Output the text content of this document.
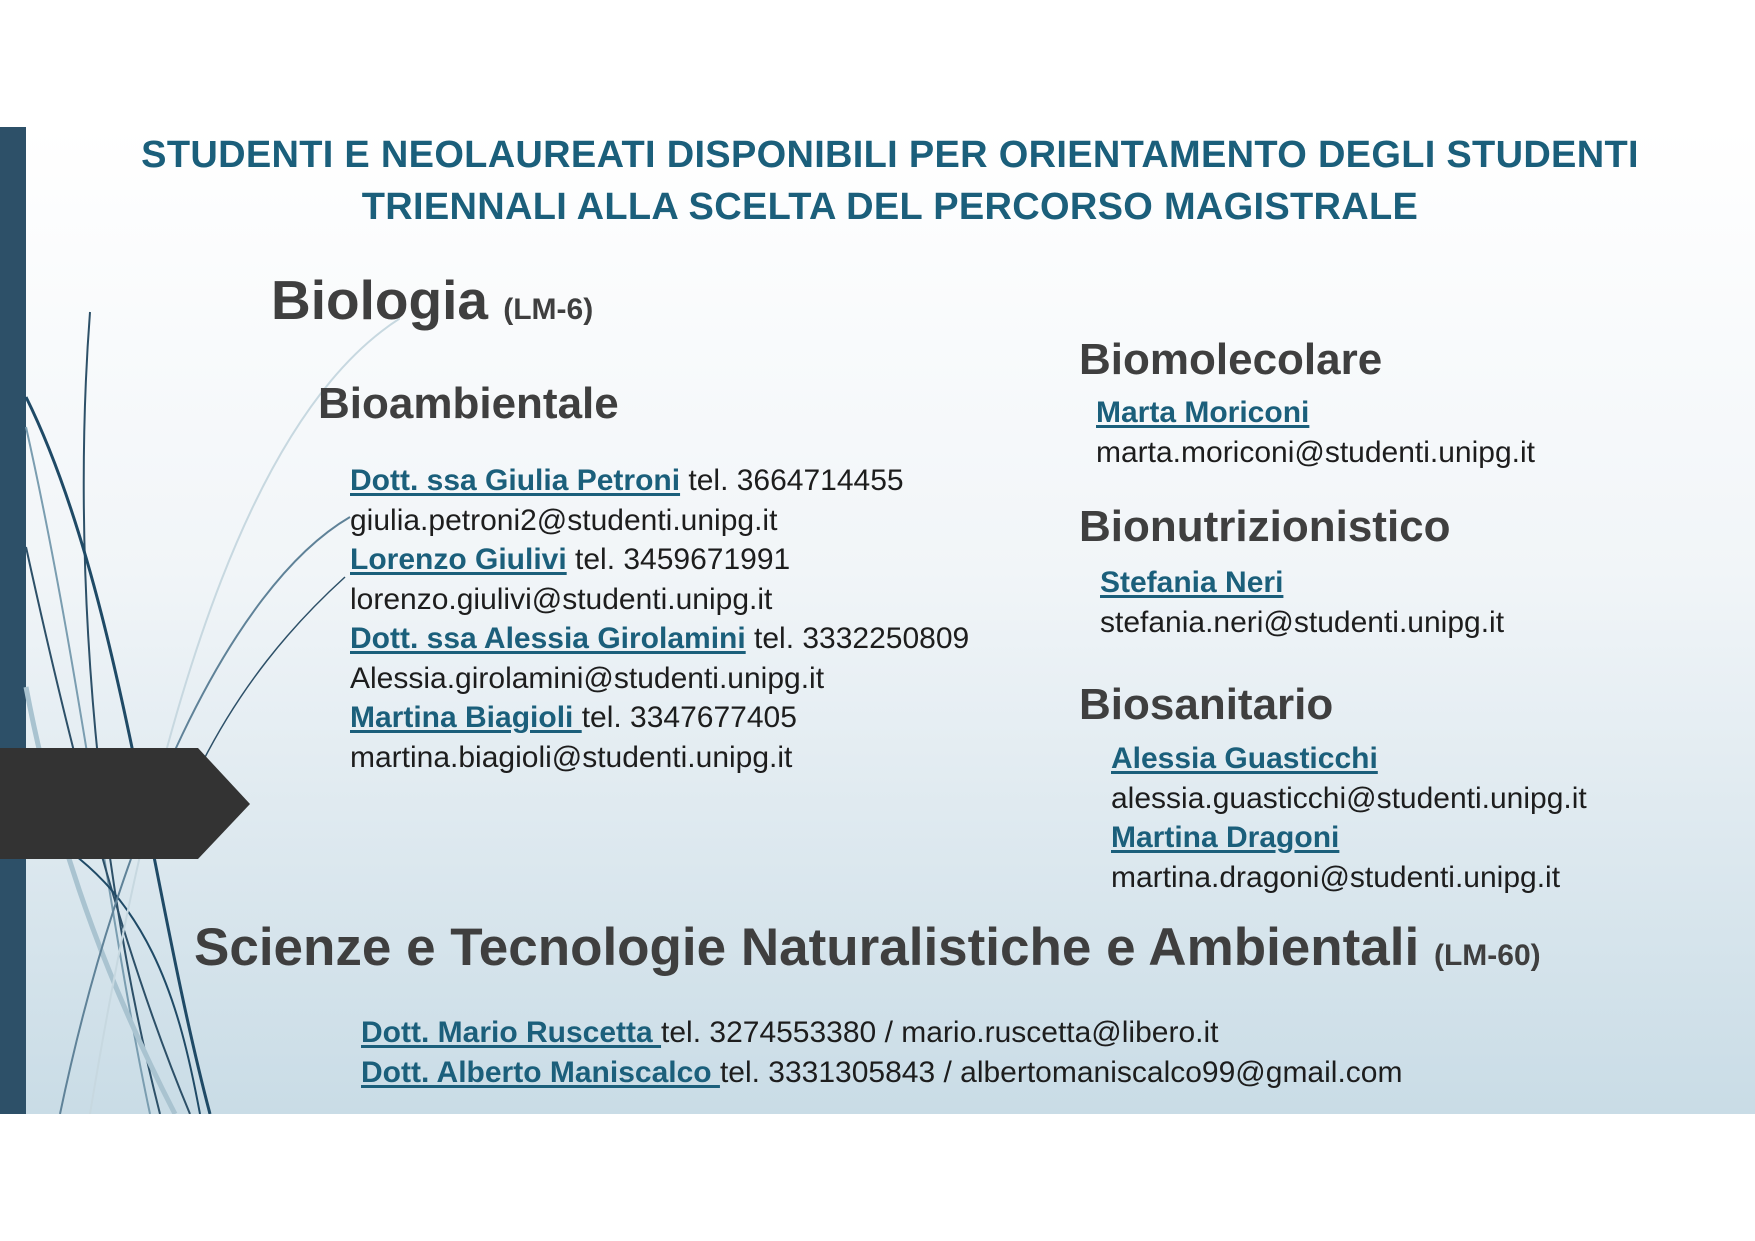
STUDENTI E NEOLAUREATI DISPONIBILI PER ORIENTAMENTO DEGLI STUDENTI
TRIENNALI ALLA SCELTA DEL PERCORSO MAGISTRALE
Biologia (LM-6)
Bioambientale
Dott. ssa Giulia Petroni tel. 3664714455
giulia.petroni2@studenti.unipg.it
Lorenzo Giulivi tel. 3459671991
lorenzo.giulivi@studenti.unipg.it
Dott. ssa Alessia Girolamini tel. 3332250809
Alessia.girolamini@studenti.unipg.it
Martina Biagioli tel. 3347677405
martina.biagioli@studenti.unipg.it
Biomolecolare
Marta Moriconi
marta.moriconi@studenti.unipg.it
Bionutrizionistico
Stefania Neri
stefania.neri@studenti.unipg.it
Biosanitario
Alessia Guasticchi
alessia.guasticchi@studenti.unipg.it
Martina Dragoni
martina.dragoni@studenti.unipg.it
Scienze e Tecnologie Naturalistiche e Ambientali (LM-60)
Dott. Mario Ruscetta tel. 3274553380 / mario.ruscetta@libero.it
Dott. Alberto Maniscalco tel. 3331305843 / albertomaniscalco99@gmail.com
